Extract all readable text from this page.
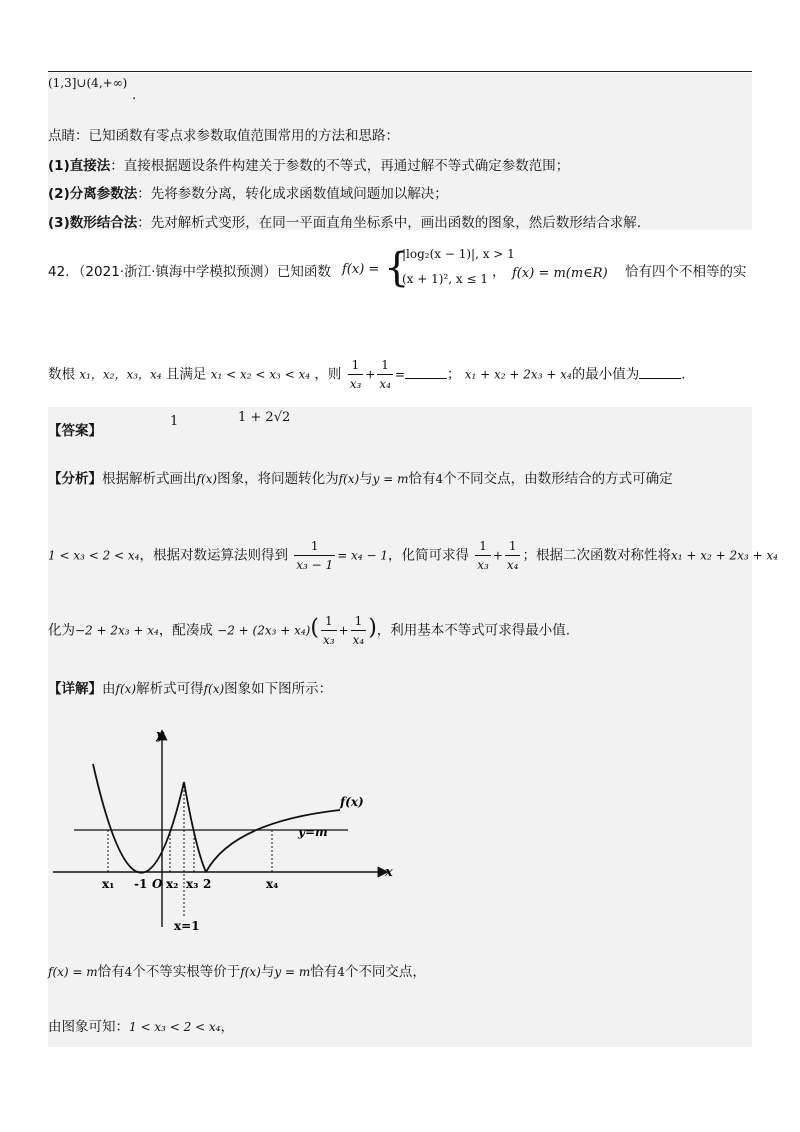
(1,3]∪(4,+∞)
.
点睛：已知函数有零点求参数取值范围常用的方法和思路：
(1)直接法：直接根据题设条件构建关于参数的不等式，再通过解不等式确定参数范围；
(2)分离参数法：先将参数分离，转化成求函数值域问题加以解决；
(3)数形结合法：先对解析式变形，在同一平面直角坐标系中，画出函数的图象，然后数形结合求解.
42．（2021·浙江·镇海中学模拟预测）已知函数 f(x) = {
|log₂(x − 1)|, x > 1
(x + 1)², x ≤ 1 ， f(x) = m(m∈R) 恰有四个不相等的实
数根 x₁，x₂，x₃，x₄ 且满足 x₁ < x₂ < x₃ < x₄ ，则 $\frac{1}{\text{x₃}} + \frac{1}{\text{x₄}}$ =	； x₁ + x₂ + 2x₃ + x₄的最小值为	.
【答案】
1	1 + 2√2
【分析】根据解析式画出f(x)图象，将问题转化为f(x)与y = m恰有4个不同交点，由数形结合的方式可确定
1 < x₃ < 2 < x₄，根据对数运算法则得到 $\frac{1}{\text{x₃ − 1}} = x_4 - 1$，化简可求得 $\frac{1}{\text{x₃}} + \frac{1}{\text{x₄}}$ ；根据二次函数对称性将x₁ + x₂ + 2x₃ + x₄
化为−2 + 2x₃ + x₄，配凑成 $-2 + (2x_3 + x_4)( \frac{1}{\text{x₃}} + \frac{1}{\text{x₄}}$ )，利用基本不等式可求得最小值.
【详解】由f(x)解析式可得f(x)图象如下图所示：
y
x
y=m
f(x)
x₁ -1 O x₂ x₃ 2	x₄
x=1
f(x) = m恰有4个不等实根等价于f(x)与y = m恰有4个不同交点，
由图象可知：1 < x₃ < 2 < x₄，
